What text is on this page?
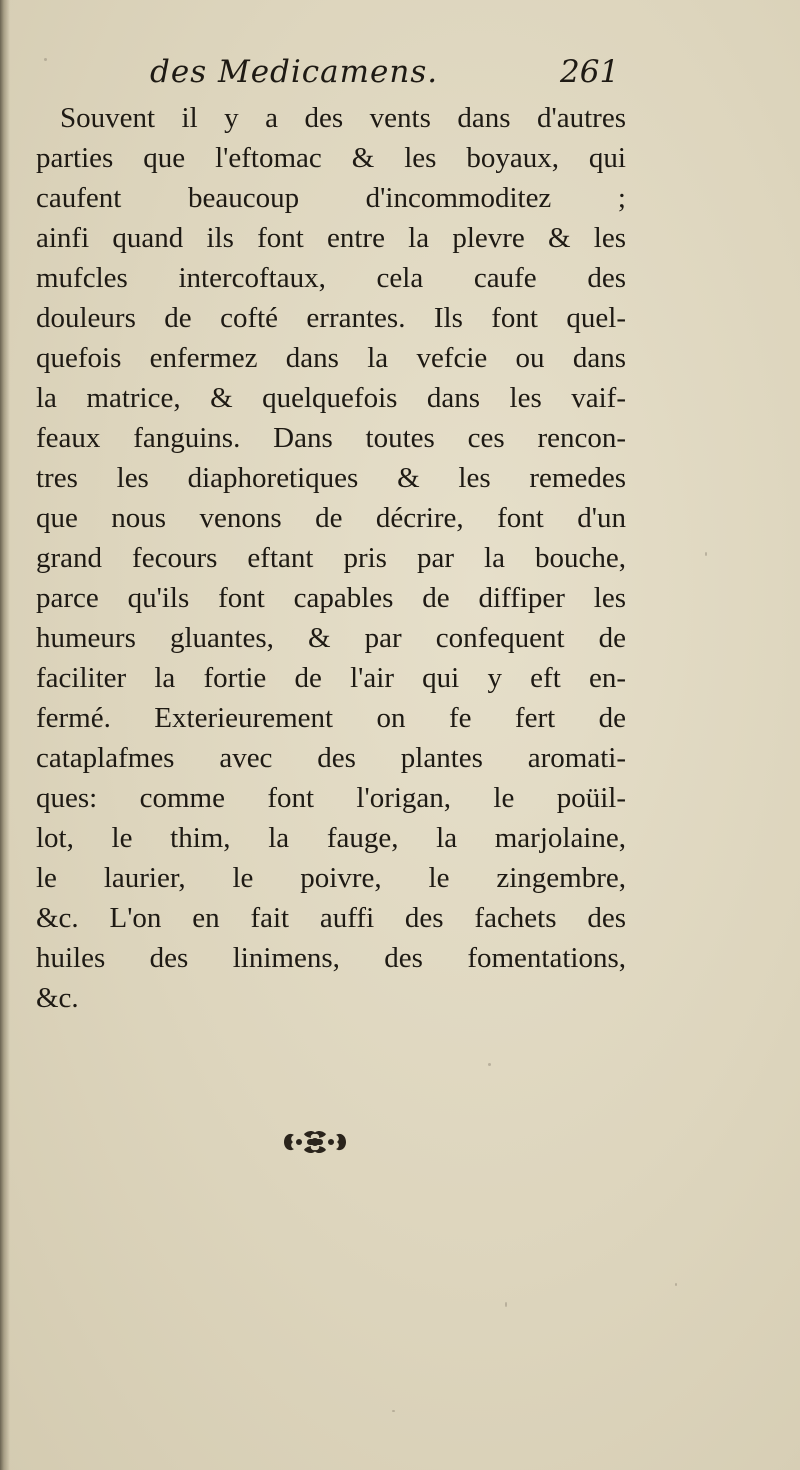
des Medicamens.	261
Souvent il y a des vents dans d'autres
parties que l'eftomac & les boyaux, qui
caufent beaucoup d'incommoditez ;
ainfi quand ils font entre la plevre & les
mufcles intercoftaux, cela caufe des
douleurs de cofté errantes. Ils font quel-
quefois enfermez dans la vefcie ou dans
la matrice, & quelquefois dans les vaif-
feaux fanguins. Dans toutes ces rencon-
tres les diaphoretiques & les remedes
que nous venons de décrire, font d'un
grand fecours eftant pris par la bouche,
parce qu'ils font capables de diffiper les
humeurs gluantes, & par confequent de
faciliter la fortie de l'air qui y eft en-
fermé. Exterieurement on fe fert de
cataplafmes avec des plantes aromati-
ques: comme font l'origan, le poüil-
lot, le thim, la fauge, la marjolaine,
le laurier, le poivre, le zingembre,
&c. L'on en fait auffi des fachets des
huiles des linimens, des fomentations,
&c.
